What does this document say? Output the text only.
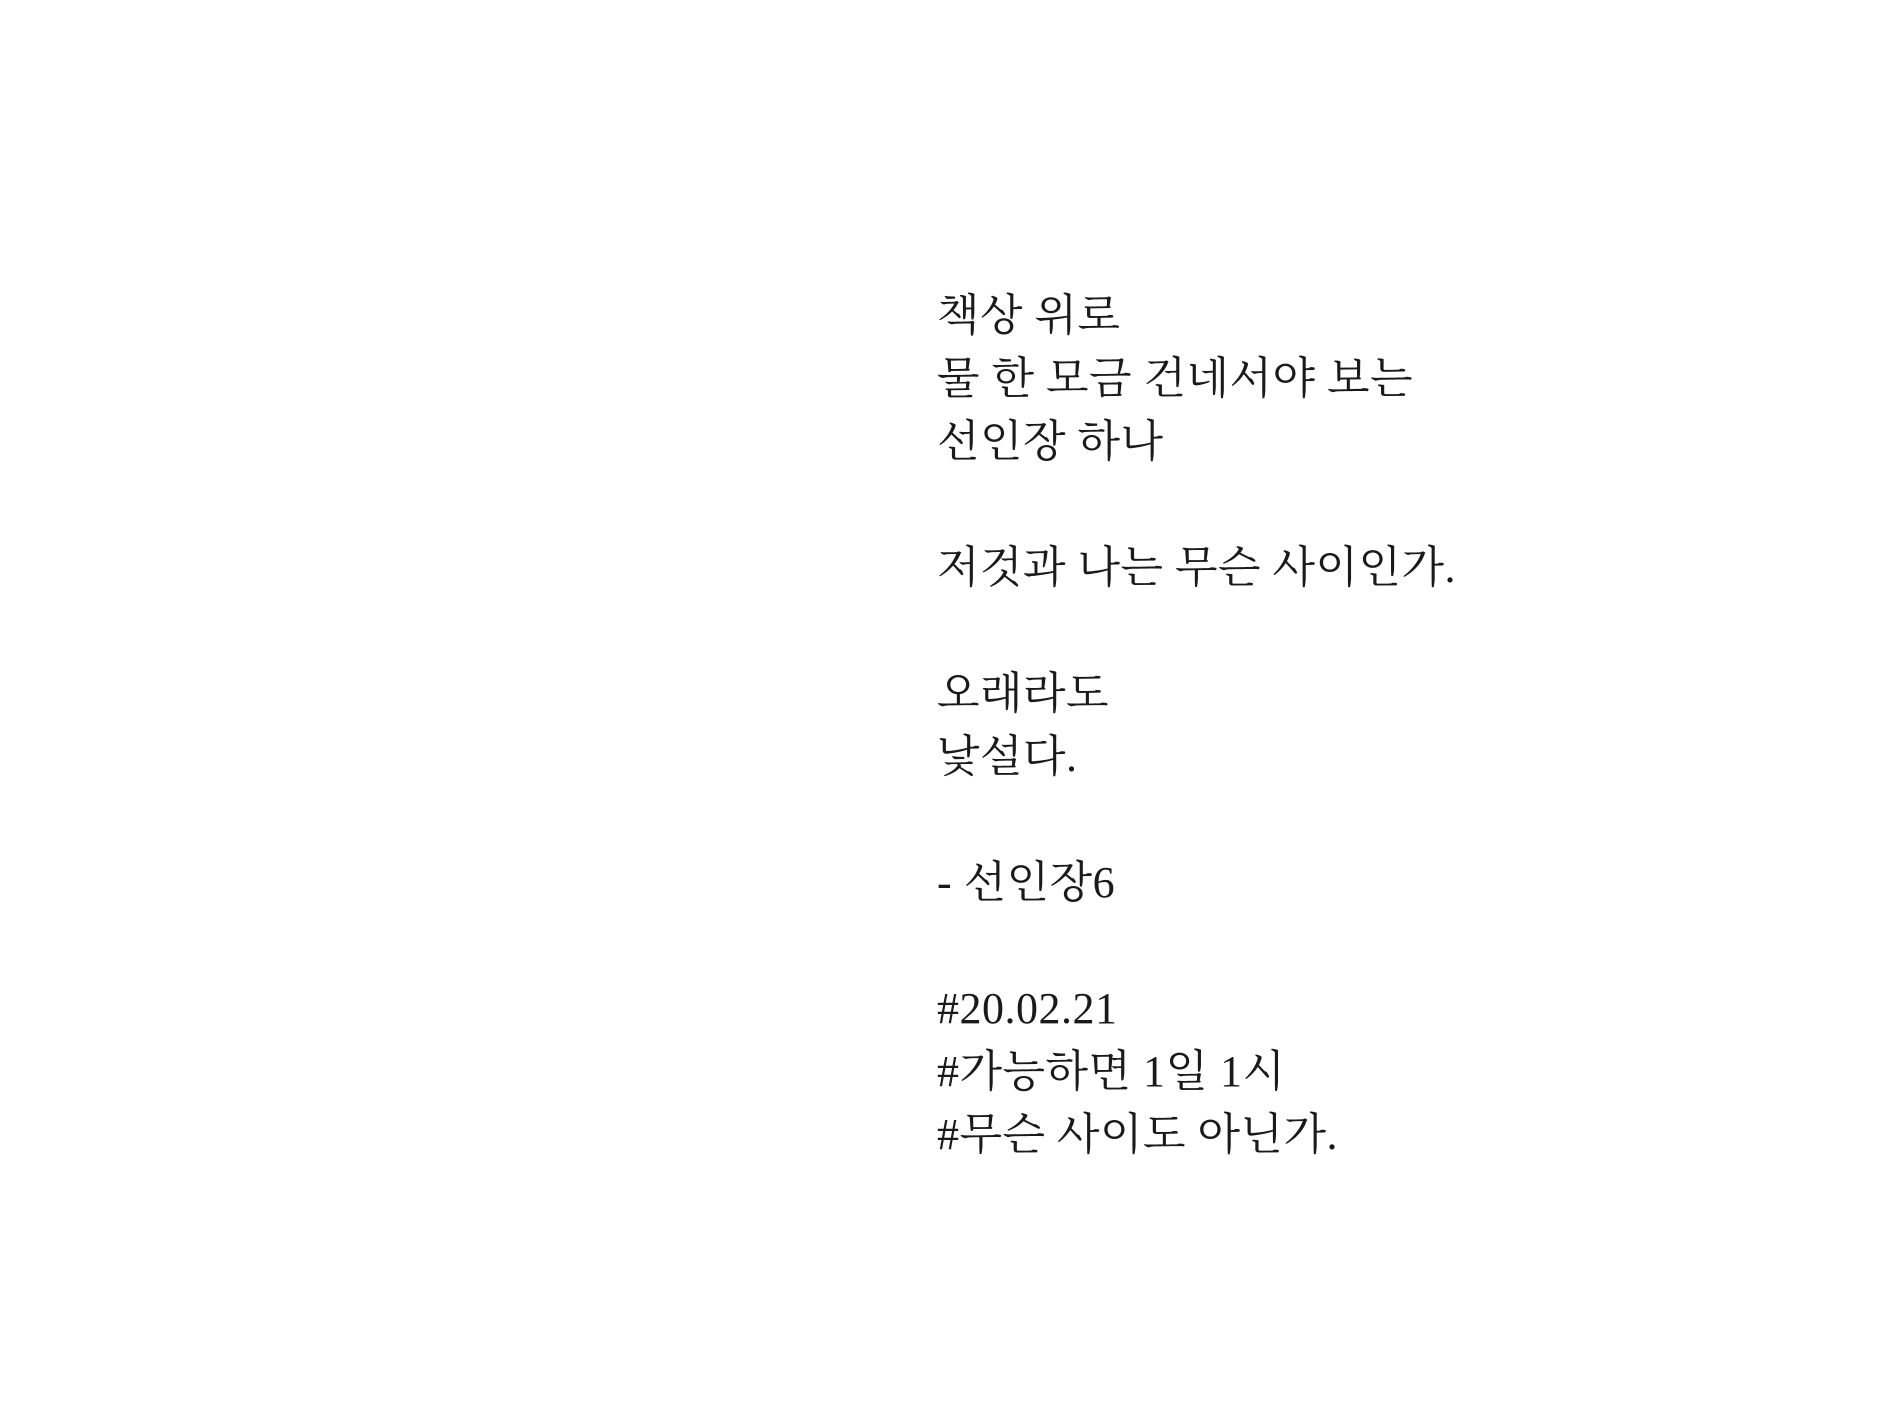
책상 위로
물 한 모금 건네서야 보는
선인장 하나
저것과 나는 무슨 사이인가.
오래라도
낯설다.
- 선인장6
#20.02.21
#가능하면 1일 1시
#무슨 사이도 아닌가.
